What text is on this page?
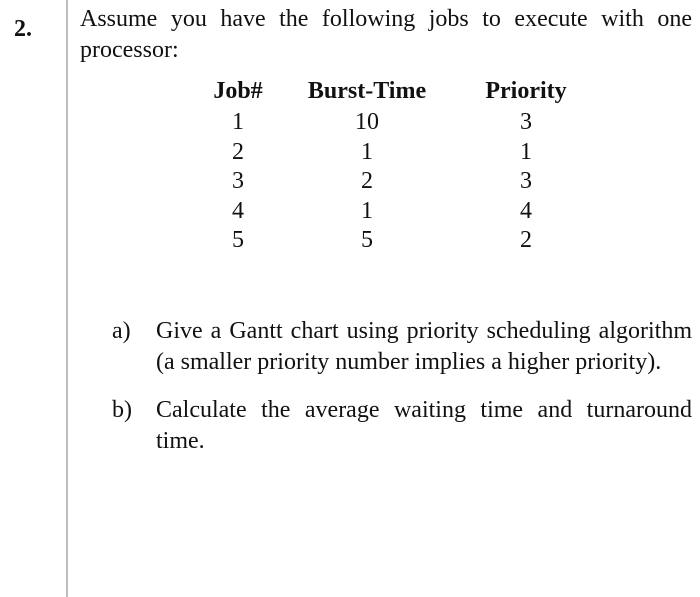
2. Assume you have the following jobs to execute with one processor:
Job#	Burst-Time	Priority
1	10	3
2	1	1
3	2	3
4	1	4
5	5	2
a)	Give a Gantt chart using priority scheduling algorithm (a smaller priority number implies a higher priority).
b)	Calculate the average waiting time and turnaround time.
